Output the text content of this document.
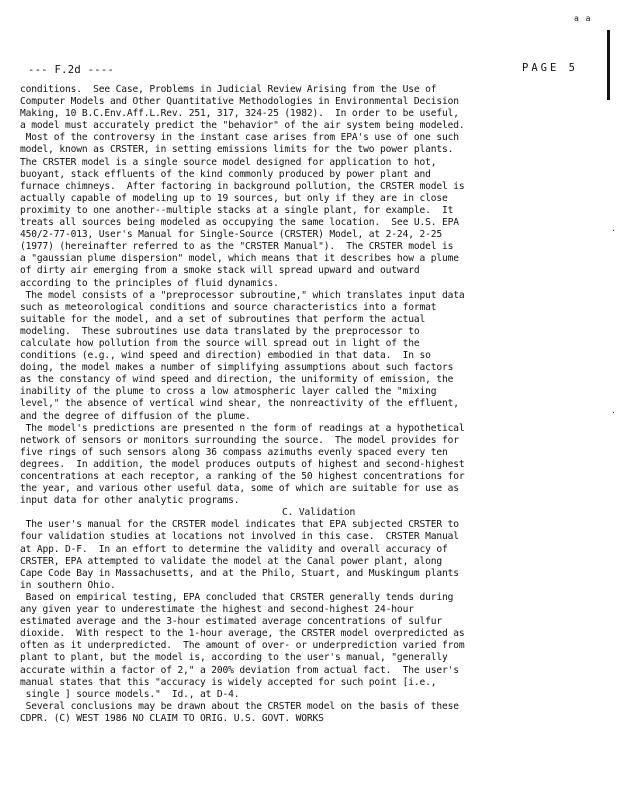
a a
·
·
--- F.2d ----	PAGE 5
conditions.  See Case, Problems in Judicial Review Arising from the Use of
Computer Models and Other Quantitative Methodologies in Environmental Decision
Making, 10 B.C.Env.Aff.L.Rev. 251, 317, 324-25 (1982).  In order to be useful,
a model must accurately predict the "behavior" of the air system being modeled.
Most of the controversy in the instant case arises from EPA's use of one such
model, known as CRSTER, in setting emissions limits for the two power plants.
The CRSTER model is a single source model designed for application to hot,
buoyant, stack effluents of the kind commonly produced by power plant and
furnace chimneys.  After factoring in background pollution, the CRSTER model is
actually capable of modeling up to 19 sources, but only if they are in close
proximity to one another--multiple stacks at a single plant, for example.  It
treats all sources being modeled as occupying the same location.  See U.S. EPA
450/2-77-013, User's Manual for Single-Source (CRSTER) Model, at 2-24, 2-25
(1977) (hereinafter referred to as the "CRSTER Manual").  The CRSTER model is
a "gaussian plume dispersion" model, which means that it describes how a plume
of dirty air emerging from a smoke stack will spread upward and outward
according to the principles of fluid dynamics.
The model consists of a "preprocessor subroutine," which translates input data
such as meteorological conditions and source characteristics into a format
suitable for the model, and a set of subroutines that perform the actual
modeling.  These subroutines use data translated by the preprocessor to
calculate how pollution from the source will spread out in light of the
conditions (e.g., wind speed and direction) embodied in that data.  In so
doing, the model makes a number of simplifying assumptions about such factors
as the constancy of wind speed and direction, the uniformity of emission, the
inability of the plume to cross a low atmospheric layer called the "mixing
level," the absence of vertical wind shear, the nonreactivity of the effluent,
and the degree of diffusion of the plume.
The model's predictions are presented n the form of readings at a hypothetical
network of sensors or monitors surrounding the source.  The model provides for
five rings of such sensors along 36 compass azimuths evenly spaced every ten
degrees.  In addition, the model produces outputs of highest and second-highest
concentrations at each receptor, a ranking of the 50 highest concentrations for
the year, and various other useful data, some of which are suitable for use as
input data for other analytic programs.
C. Validation
The user's manual for the CRSTER model indicates that EPA subjected CRSTER to
four validation studies at locations not involved in this case.  CRSTER Manual
at App. D-F.  In an effort to determine the validity and overall accuracy of
CRSTER, EPA attempted to validate the model at the Canal power plant, along
Cape Code Bay in Massachusetts, and at the Philo, Stuart, and Muskingum plants
in southern Ohio.
Based on empirical testing, EPA concluded that CRSTER generally tends during
any given year to underestimate the highest and second-highest 24-hour
estimated average and the 3-hour estimated average concentrations of sulfur
dioxide.  With respect to the 1-hour average, the CRSTER model overpredicted as
often as it underpredicted.  The amount of over- or underprediction varied from
plant to plant, but the model is, according to the user's manual, "generally
accurate within a factor of 2," a 200% deviation from actual fact.  The user's
manual states that this "accuracy is widely accepted for such point [i.e.,
single ] source models."  Id., at D-4.
Several conclusions may be drawn about the CRSTER model on the basis of these
CDPR. (C) WEST 1986 NO CLAIM TO ORIG. U.S. GOVT. WORKS
